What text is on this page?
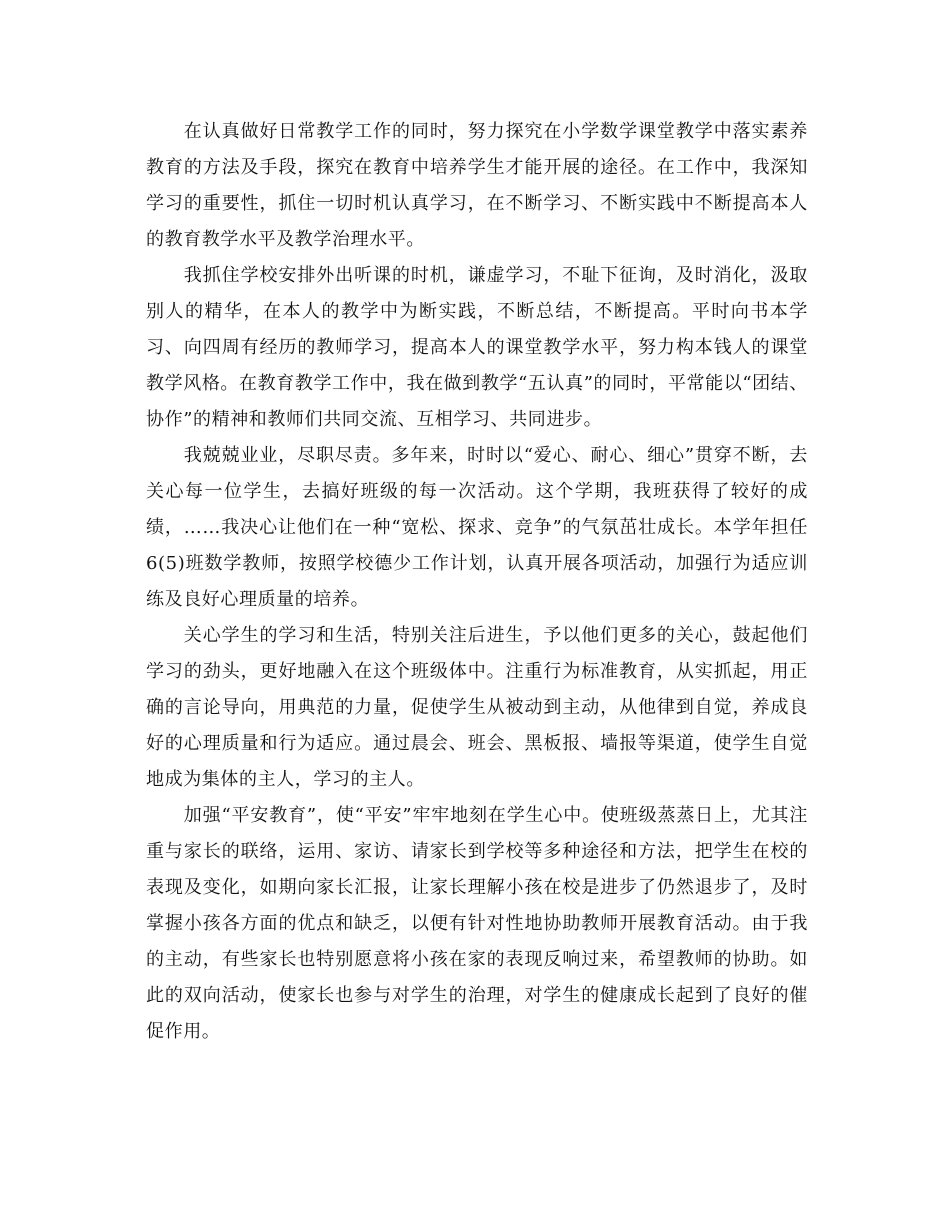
在认真做好日常教学工作的同时，努力探究在小学数学课堂教学中落实素养教育的方法及手段，探究在教育中培养学生才能开展的途径。在工作中，我深知学习的重要性，抓住一切时机认真学习，在不断学习、不断实践中不断提高本人的教育教学水平及教学治理水平。

我抓住学校安排外出听课的时机，谦虚学习，不耻下征询，及时消化，汲取别人的精华，在本人的教学中为断实践，不断总结，不断提高。平时向书本学习、向四周有经历的教师学习，提高本人的课堂教学水平，努力构本钱人的课堂教学风格。在教育教学工作中，我在做到教学“五认真”的同时，平常能以“团结、协作”的精神和教师们共同交流、互相学习、共同进步。

我兢兢业业，尽职尽责。多年来，时时以“爱心、耐心、细心”贯穿不断，去关心每一位学生，去搞好班级的每一次活动。这个学期，我班获得了较好的成绩，……我决心让他们在一种“宽松、探求、竞争”的气氛茁壮成长。本学年担任6(5)班数学教师，按照学校德少工作计划，认真开展各项活动，加强行为适应训练及良好心理质量的培养。

关心学生的学习和生活，特别关注后进生，予以他们更多的关心，鼓起他们学习的劲头，更好地融入在这个班级体中。注重行为标准教育，从实抓起，用正确的言论导向，用典范的力量，促使学生从被动到主动，从他律到自觉，养成良好的心理质量和行为适应。通过晨会、班会、黑板报、墙报等渠道，使学生自觉地成为集体的主人，学习的主人。

加强“平安教育”，使“平安”牢牢地刻在学生心中。使班级蒸蒸日上，尤其注重与家长的联络，运用、家访、请家长到学校等多种途径和方法，把学生在校的表现及变化，如期向家长汇报，让家长理解小孩在校是进步了仍然退步了，及时掌握小孩各方面的优点和缺乏，以便有针对性地协助教师开展教育活动。由于我的主动，有些家长也特别愿意将小孩在家的表现反响过来，希望教师的协助。如此的双向活动，使家长也参与对学生的治理，对学生的健康成长起到了良好的催促作用。
